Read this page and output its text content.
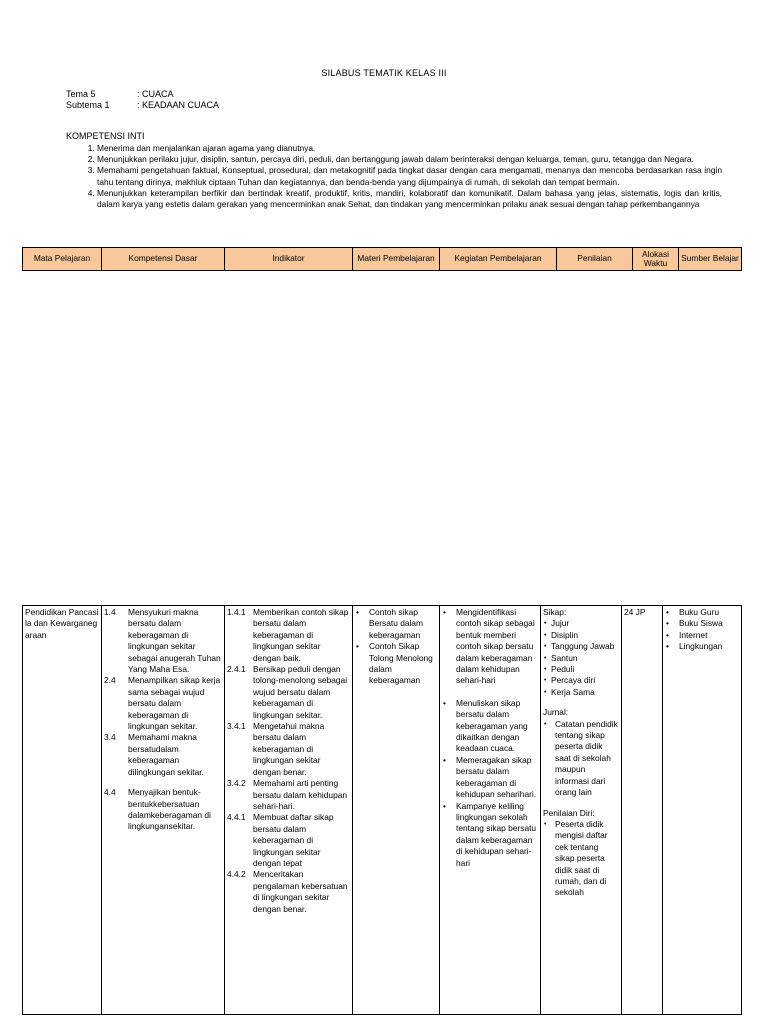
SILABUS TEMATIK KELAS III
Tema 5	: CUACA
Subtema 1	: KEADAAN CUACA
KOMPETENSI INTI
1. Menerima dan menjalankan ajaran agama yang dianutnya.
2. Menunjukkan perilaku jujur, disiplin, santun, percaya diri, peduli, dan bertanggung jawab dalam berinteraksi dengan keluarga, teman, guru, tetangga dan Negara.
3. Memahami pengetahuan faktual, Konseptual, prosedural, dan metakognitif pada tingkat dasar dengan cara mengamati, menanya dan mencoba berdasarkan rasa ingin tahu tentang dirinya, makhluk ciptaan Tuhan dan kegiatannya, dan benda-benda yang dijumpainya di rumah, di sekolah dan tempat bermain.
4. Menunjukkan keterampilan berfikir dan bertindak kreatif, produktif, kritis, mandiri, kolaboratif dan komunikatif. Dalam bahasa yang jelas, sistematis, logis dan kritis, dalam karya yang estetis dalam gerakan yang mencerminkan anak Sehat, dan tindakan yang mencerminkan prilaku anak sesuai dengan tahap perkembangannya
Mata Pelajaran	Kompetensi Dasar	Indikator	Materi Pembelajaran	Kegiatan Pembelajaran	Penilaian	Alokasi Waktu	Sumber Belajar
Pendidikan Pancasila dan Kewarganegaraan

1.4	Mensyukuri makna bersatu dalam keberagaman di lingkungan sekitar sebagai anugerah Tuhan Yang Maha Esa.
2.4	Menampilkan sikap kerja sama sebagai wujud bersatu dalam keberagaman di lingkungan sekitar.
3.4	Memahami makna bersatudalam keberagaman dilingkungan sekitar.
4.4	Menyajikan bentuk-bentukkebersatuan dalamkeberagaman di lingkungansekitar.

1.4.1 Memberikan contoh sikap bersatu dalam keberagaman di lingkungan sekitar dengan baik.
2.4.1 Bersikap peduli dengan tolong-menolong sebagai wujud bersatu dalam keberagaman di lingkungan sekitar.
3.4.1 Mengetahui makna bersatu dalam keberagaman di lingkungan sekitar dengan benar.
3.4.2 Memahami arti penting bersatu dalam kehidupan sehari-hari.
4.4.1 Membuat daftar sikap bersatu dalam keberagaman di lingkungan sekitar dengan tepat
4.4.2 Menceritakan pengalaman kebersatuan di lingkungan sekitar dengan benar.

• Contoh sikap Bersatu dalam keberagaman
• Contoh Sikap Tolong Menolong dalam keberagaman

• Mengidentifikasi contoh sikap sebagai bentuk memberi contoh sikap bersatu dalam keberagaman dalam kehidupan sehari-hari
• Menuliskan sikap bersatu dalam keberagaman yang dikaitkan dengan keadaan cuaca.
• Memeragakan sikap bersatu dalam keberagaman di kehidupan seharihari.
• Kampanye keliling lingkungan sekolah tentang sikap bersatu dalam keberagaman di kehidupan sehari-hari

Sikap:
• Jujur
• Disiplin
• Tanggung Jawab
• Santun
• Peduli
• Percaya diri
• Kerja Sama
Jurnal:
• Catatan pendidik tentang sikap peserta didik saat di sekolah maupun informasi dari orang lain
Penilaian Diri:
• Peserta didik mengisi daftar cek tentang sikap peserta didik saat di rumah, dan di sekolah

24 JP

•Buku Guru
• Buku Siswa
• Internet
• Lingkungan
